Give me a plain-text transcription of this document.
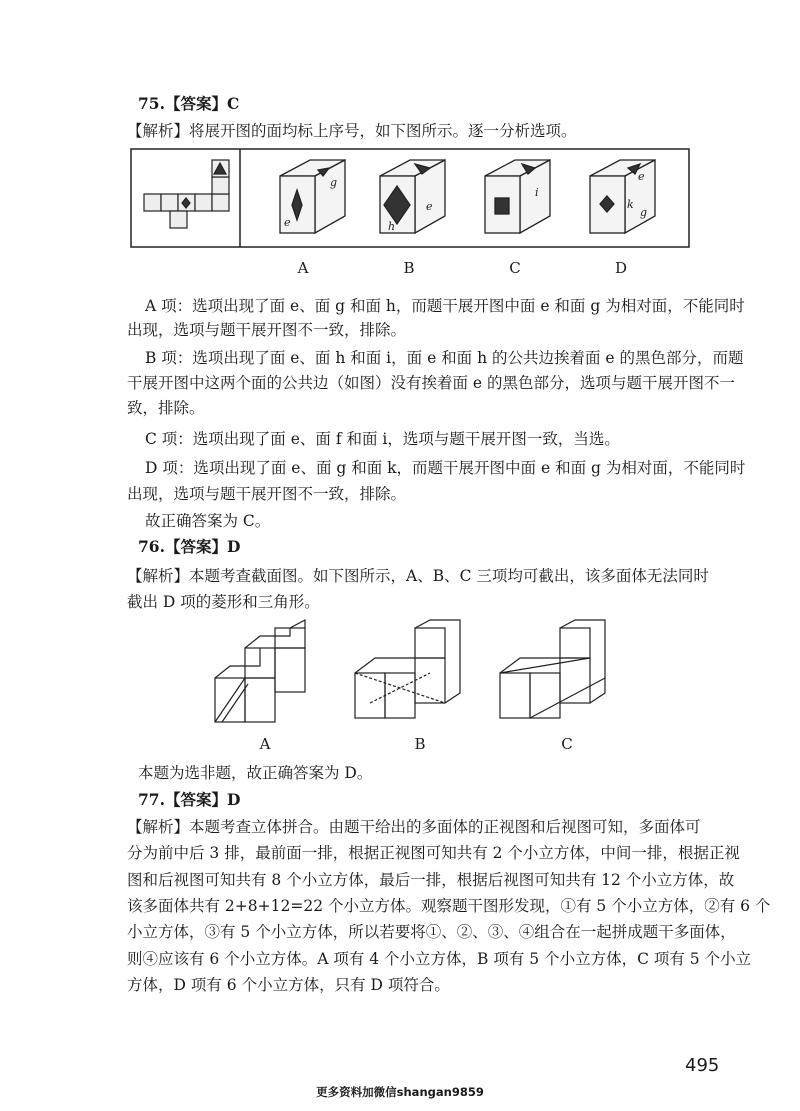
75.【答案】C
【解析】将展开图的面均标上序号，如下图所示。逐一分析选项。
e
g
h
e
i
e
k
g
A	B	C	D
A 项：选项出现了面 e、面 g 和面 h，而题干展开图中面 e 和面 g 为相对面，不能同时
出现，选项与题干展开图不一致，排除。
B 项：选项出现了面 e、面 h 和面 i，面 e 和面 h 的公共边挨着面 e 的黑色部分，而题
干展开图中这两个面的公共边（如图）没有挨着面 e 的黑色部分，选项与题干展开图不一
致，排除。
C 项：选项出现了面 e、面 f 和面 i，选项与题干展开图一致，当选。
D 项：选项出现了面 e、面 g 和面 k，而题干展开图中面 e 和面 g 为相对面，不能同时
出现，选项与题干展开图不一致，排除。
故正确答案为 C。
76.【答案】D
【解析】本题考查截面图。如下图所示，A、B、C 三项均可截出，该多面体无法同时
截出 D 项的菱形和三角形。
A	B	C
本题为选非题，故正确答案为 D。
77.【答案】D
【解析】本题考查立体拼合。由题干给出的多面体的正视图和后视图可知，多面体可
分为前中后 3 排，最前面一排，根据正视图可知共有 2 个小立方体，中间一排，根据正视
图和后视图可知共有 8 个小立方体，最后一排，根据后视图可知共有 12 个小立方体，故
该多面体共有 2+8+12=22 个小立方体。观察题干图形发现，①有 5 个小立方体，②有 6 个
小立方体，③有 5 个小立方体，所以若要将①、②、③、④组合在一起拼成题干多面体，
则④应该有 6 个小立方体。A 项有 4 个小立方体，B 项有 5 个小立方体，C 项有 5 个小立
方体，D 项有 6 个小立方体，只有 D 项符合。
495
更多资料加微信shangan9859
